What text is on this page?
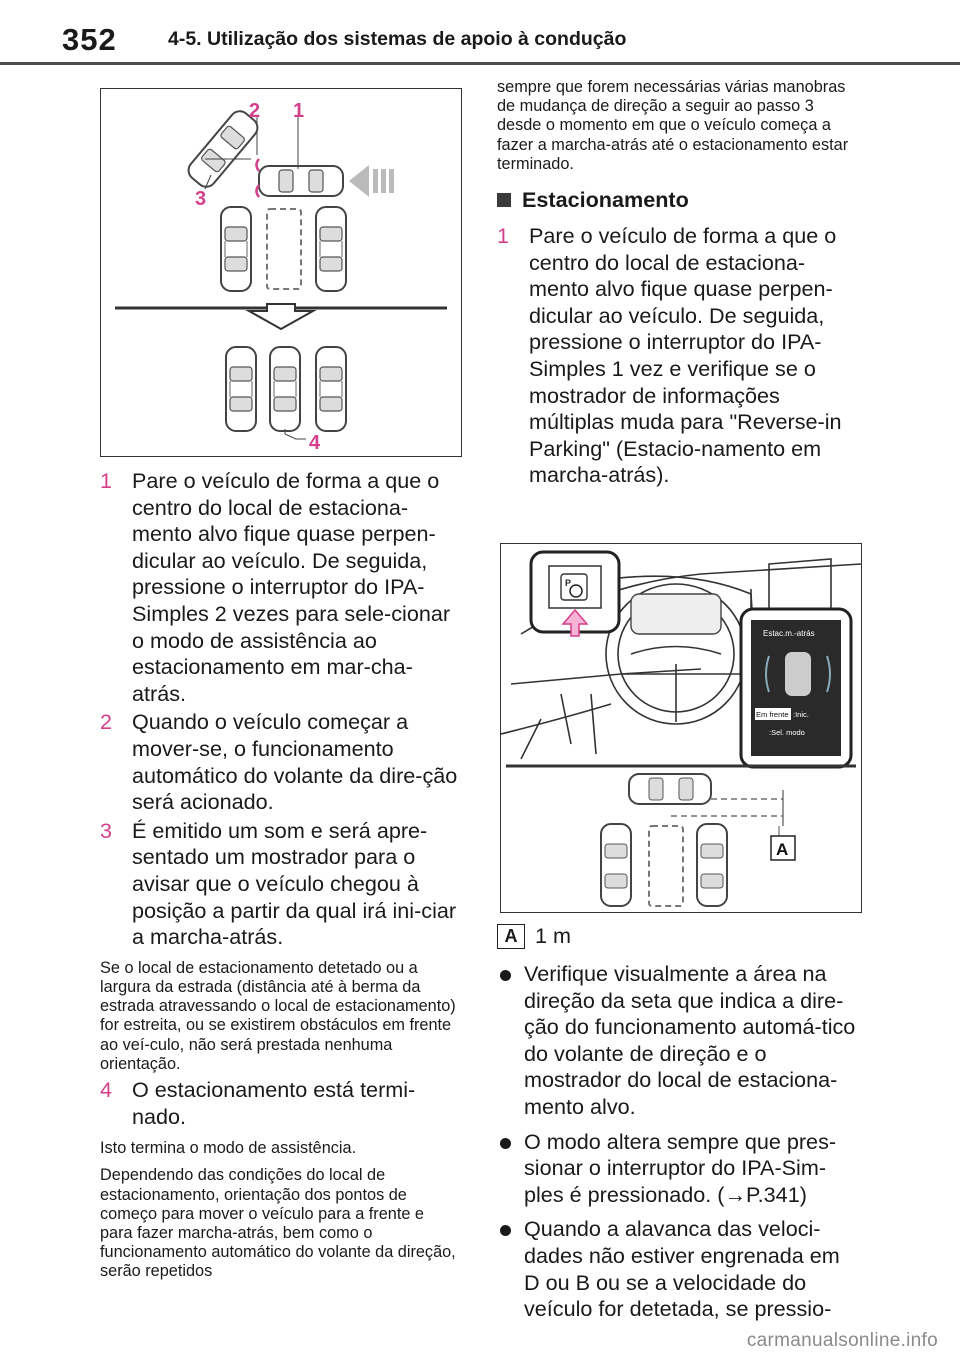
352	4-5. Utilização dos sistemas de apoio à condução
2 1
3
4

1 Pare o veículo de forma a que o centro do local de estaciona-mento alvo fique quase perpen-dicular ao veículo. De seguida, pressione o interruptor do IPA-Simples 2 vezes para sele-cionar o modo de assistência ao estacionamento em mar-cha-atrás.

2 Quando o veículo começar a mover-se, o funcionamento automático do volante da dire-ção será acionado.

3 É emitido um som e será apre-sentado um mostrador para o avisar que o veículo chegou à posição a partir da qual irá ini-ciar a marcha-atrás.

Se o local de estacionamento detetado ou a largura da estrada (distância até à berma da estrada atravessando o local de estacionamento) for estreita, ou se existirem obstáculos em frente ao veí-culo, não será prestada nenhuma orientação.

4 O estacionamento está termi-nado.

Isto termina o modo de assistência.

Dependendo das condições do local de estacionamento, orientação dos pontos de começo para mover o veículo para a frente e para fazer marcha-atrás, bem como o funcionamento automático do volante da direção, serão repetidos

sempre que forem necessárias várias manobras de mudança de direção a seguir ao passo 3 desde o momento em que o veículo começa a fazer a marcha-atrás até o estacionamento estar terminado.

Estacionamento

1 Pare o veículo de forma a que o centro do local de estaciona-mento alvo fique quase perpen-dicular ao veículo. De seguida, pressione o interruptor do IPA-Simples 1 vez e verifique se o mostrador de informações múltiplas muda para "Reverse-in Parking" (Estacio-namento em marcha-atrás).

P
Estac.m.-atrás
Em frente :Inic.
:Sel. modo
A
A 1 m

Verifique visualmente a área na direção da seta que indica a dire-ção do funcionamento automá-tico do volante de direção e o mostrador do local de estaciona-mento alvo.

O modo altera sempre que pres-sionar o interruptor do IPA-Sim-ples é pressionado. (→P.341)

Quando a alavanca das veloci-dades não estiver engrenada em D ou B ou se a velocidade do veículo for detetada, se pressio-

carmanualsonline.info
